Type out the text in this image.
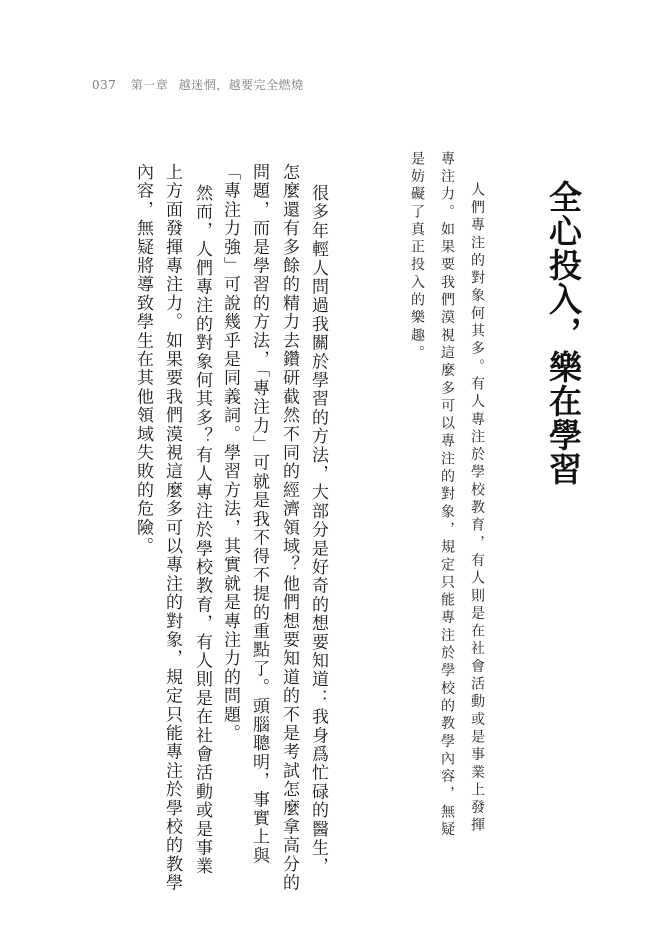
037 第一章 越迷惘，越要完全燃燒
全心投入，樂在學習
人們專注的對象何其多。有人專注於學校教育，有人則是在社會活動或是事業上發揮
專注力。如果要我們漠視這麼多可以專注的對象，規定只能專注於學校的教學內容，無疑
是妨礙了真正投入的樂趣。
很多年輕人問過我關於學習的方法，大部分是好奇的想要知道：我身爲忙碌的醫生，
怎麼還有多餘的精力去鑽研截然不同的經濟領域？他們想要知道的不是考試怎麼拿高分的
問題，而是學習的方法，「專注力」可就是我不得不提的重點了。頭腦聰明，事實上與
「專注力強」可說幾乎是同義詞。學習方法，其實就是專注力的問題。
然而，人們專注的對象何其多？有人專注於學校教育，有人則是在社會活動或是事業
上方面發揮專注力。如果要我們漠視這麼多可以專注的對象，規定只能專注於學校的教學
內容，無疑將導致學生在其他領域失敗的危險。
